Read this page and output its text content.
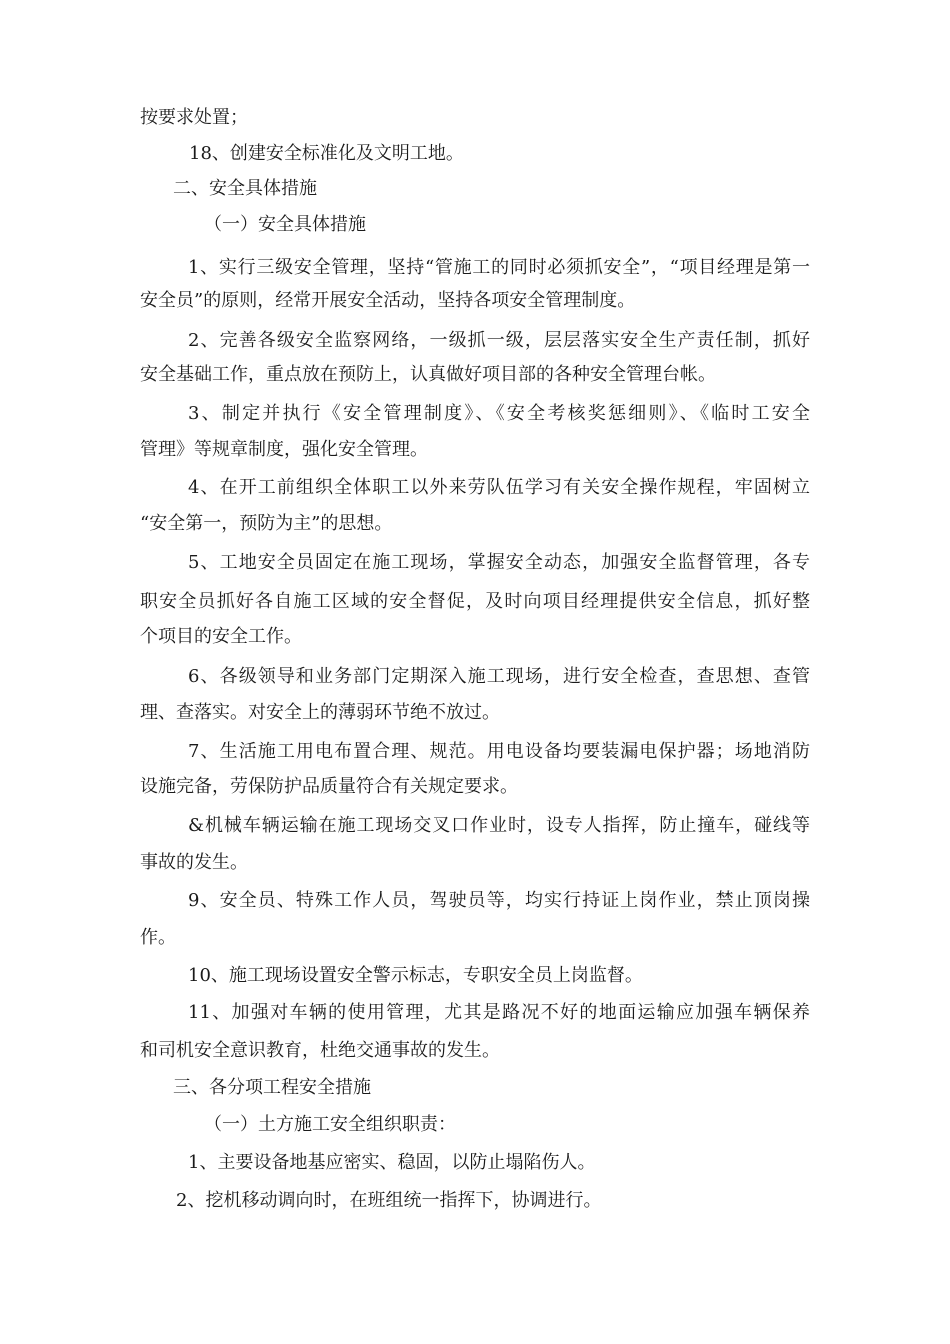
按要求处置；
18、创建安全标准化及文明工地。
二、安全具体措施
（一）安全具体措施
1、实行三级安全管理，坚持“管施工的同时必须抓安全”，“项目经理是第一
安全员”的原则，经常开展安全活动，坚持各项安全管理制度。
2、完善各级安全监察网络，一级抓一级，层层落实安全生产责任制，抓好
安全基础工作，重点放在预防上，认真做好项目部的各种安全管理台帐。
3、制定并执行《安全管理制度》、《安全考核奖惩细则》、《临时工安全
管理》等规章制度，强化安全管理。
4、在开工前组织全体职工以外来劳队伍学习有关安全操作规程，牢固树立
“安全第一，预防为主”的思想。
5、工地安全员固定在施工现场，掌握安全动态，加强安全监督管理，各专
职安全员抓好各自施工区域的安全督促，及时向项目经理提供安全信息，抓好整
个项目的安全工作。
6、各级领导和业务部门定期深入施工现场，进行安全检查，查思想、查管
理、查落实。对安全上的薄弱环节绝不放过。
7、生活施工用电布置合理、规范。用电设备均要装漏电保护器；场地消防
设施完备，劳保防护品质量符合有关规定要求。
&机械车辆运输在施工现场交叉口作业时，设专人指挥，防止撞车，碰线等
事故的发生。
9、安全员、特殊工作人员，驾驶员等，均实行持证上岗作业，禁止顶岗操
作。
10、施工现场设置安全警示标志，专职安全员上岗监督。
11、加强对车辆的使用管理，尤其是路况不好的地面运输应加强车辆保养
和司机安全意识教育，杜绝交通事故的发生。
三、各分项工程安全措施
（一）土方施工安全组织职责：
1、主要设备地基应密实、稳固，以防止塌陷伤人。
2、挖机移动调向时，在班组统一指挥下，协调进行。
